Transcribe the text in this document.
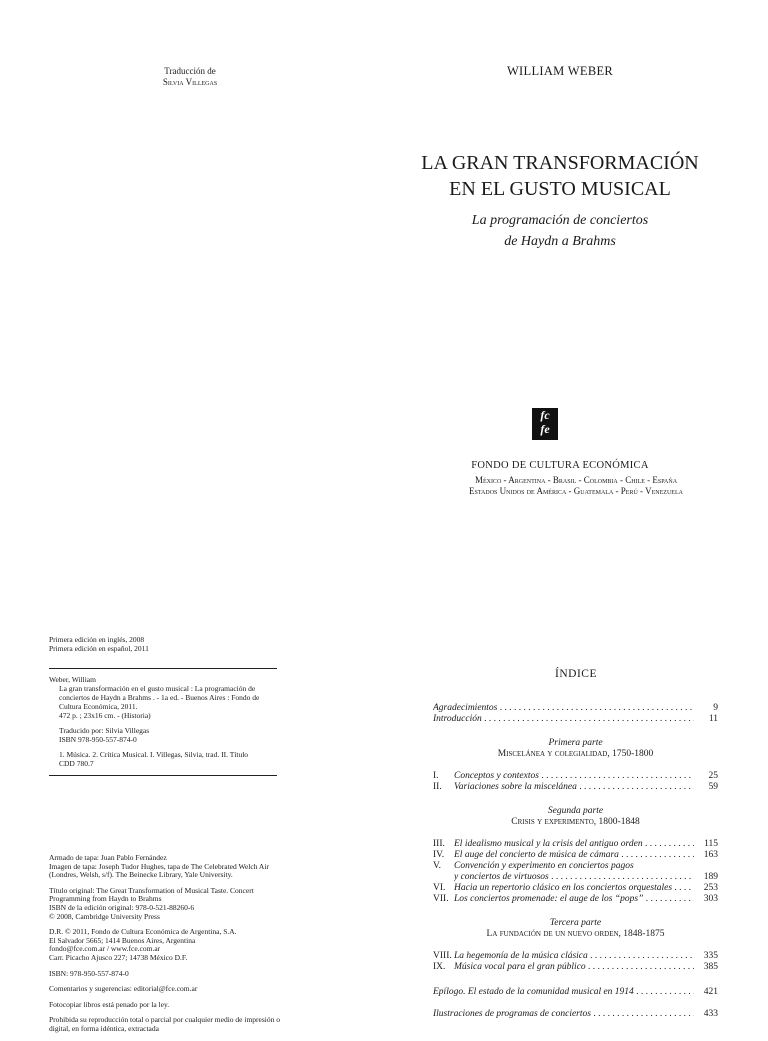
Traducción de
Silvia Villegas
Primera edición en inglés, 2008
Primera edición en español, 2011

Weber, William

La gran transformación en el gusto musical : La programación de conciertos de Haydn a Brahms . - 1a ed. - Buenos Aires : Fondo de Cultura Económica, 2011.

472 p. ; 23x16 cm. - (Historia)

Traducido por: Silvia Villegas

ISBN 978-950-557-874-0

1. Música. 2. Crítica Musical. I. Villegas, Silvia, trad. II. Título

CDD 780.7

Armado de tapa: Juan Pablo Fernández
Imagen de tapa: Joseph Tudor Hughes, tapa de The Celebrated Welch Air (Londres, Welsh, s/f). The Beinecke Library, Yale University.

Título original: The Great Transformation of Musical Taste. Concert Programming from Haydn to Brahms
ISBN de la edición original: 978-0-521-88260-6
© 2008, Cambridge University Press

D.R. © 2011, Fondo de Cultura Económica de Argentina, S.A.
El Salvador 5665; 1414 Buenos Aires, Argentina
fondo@fce.com.ar / www.fce.com.ar
Carr. Picacho Ajusco 227; 14738 México D.F.

ISBN: 978-950-557-874-0

Comentarios y sugerencias: editorial@fce.com.ar

Fotocopiar libros está penado por la ley.

Prohibida su reproducción total o parcial por cualquier medio de impresión o digital, en forma idéntica, extractada

WILLIAM WEBER
LA GRAN TRANSFORMACIÓN
EN EL GUSTO MUSICAL
La programación de conciertos
de Haydn a Brahms
fc
fe
FONDO DE CULTURA ECONÓMICA
México - Argentina - Brasil - Colombia - Chile - España
Estados Unidos de América - Guatemala - Perú - Venezuela
ÍNDICE
Agradecimientos . . .	9
Introducción . . .	11
Primera parte
Miscelánea y colegialidad, 1750-1800
I.	Conceptos y contextos . . .	25
II.	Variaciones sobre la miscelánea . . .	59
Segunda parte
Crisis y experimento, 1800-1848
III. El idealismo musical y la crisis del antiguo orden . . .	115
IV.	El auge del concierto de música de cámara . . .	163
V.	Convención y experimento en conciertos pagos
y conciertos de virtuosos . . .	189
VI. Hacia un repertorio clásico en los conciertos orquestales . . .	253
VII. Los conciertos promenade: el auge de los “pops” . . .	303
Tercera parte
La fundación de un nuevo orden, 1848-1875
VIII. La hegemonía de la música clásica . . .	335
IX. Música vocal para el gran público . . .	385
Epílogo. El estado de la comunidad musical en 1914 . . .	421
Ilustraciones de programas de conciertos . . .	433
